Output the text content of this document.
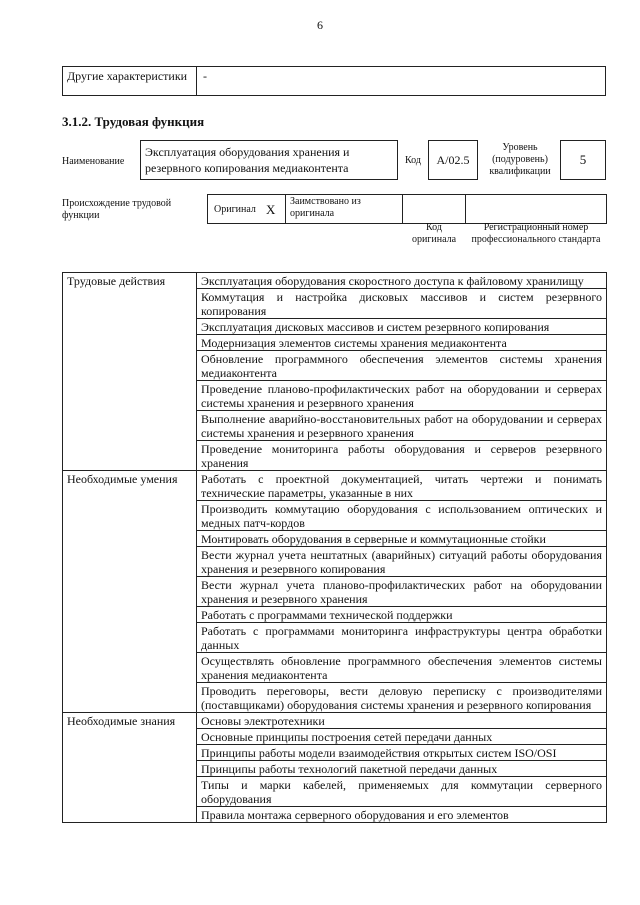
6
Другие характеристики	-
3.1.2. Трудовая функция
Наименование
Эксплуатация оборудования хранения и резервного копирования медиаконтента
Код	A/02.5
Уровень (подуровень) квалификации
5
Происхождение трудовой функции
Оригинал X
Заимствовано из оригинала
Код оригинала
Регистрационный номер профессионального стандарта
Трудовые действия	Эксплуатация оборудования скоростного доступа к файловому хранилищу
	Коммутация и настройка дисковых массивов и систем резервного копирования
	Эксплуатация дисковых массивов и систем резервного копирования
	Модернизация элементов системы хранения медиаконтента
	Обновление программного обеспечения элементов системы хранения медиаконтента
	Проведение планово-профилактических работ на оборудовании и серверах системы хранения и резервного хранения
	Выполнение аварийно-восстановительных работ на оборудовании и серверах системы хранения и резервного хранения
	Проведение мониторинга работы оборудования и серверов резервного хранения
Необходимые умения	Работать с проектной документацией, читать чертежи и понимать технические параметры, указанные в них
	Производить коммутацию оборудования с использованием оптических и медных патч-кордов
	Монтировать оборудования в серверные и коммутационные стойки
	Вести журнал учета нештатных (аварийных) ситуаций работы оборудования хранения и резервного копирования
	Вести журнал учета планово-профилактических работ на оборудовании хранения и резервного хранения
	Работать с программами технической поддержки
	Работать с программами мониторинга инфраструктуры центра обработки данных
	Осуществлять обновление программного обеспечения элементов системы хранения медиаконтента
	Проводить переговоры, вести деловую переписку с производителями (поставщиками) оборудования системы хранения и резервного копирования
Необходимые знания	Основы электротехники
	Основные принципы построения сетей передачи данных
	Принципы работы модели взаимодействия открытых систем ISO/OSI
	Принципы работы технологий пакетной передачи данных
	Типы и марки кабелей, применяемых для коммутации серверного оборудования
	Правила монтажа серверного оборудования и его элементов
